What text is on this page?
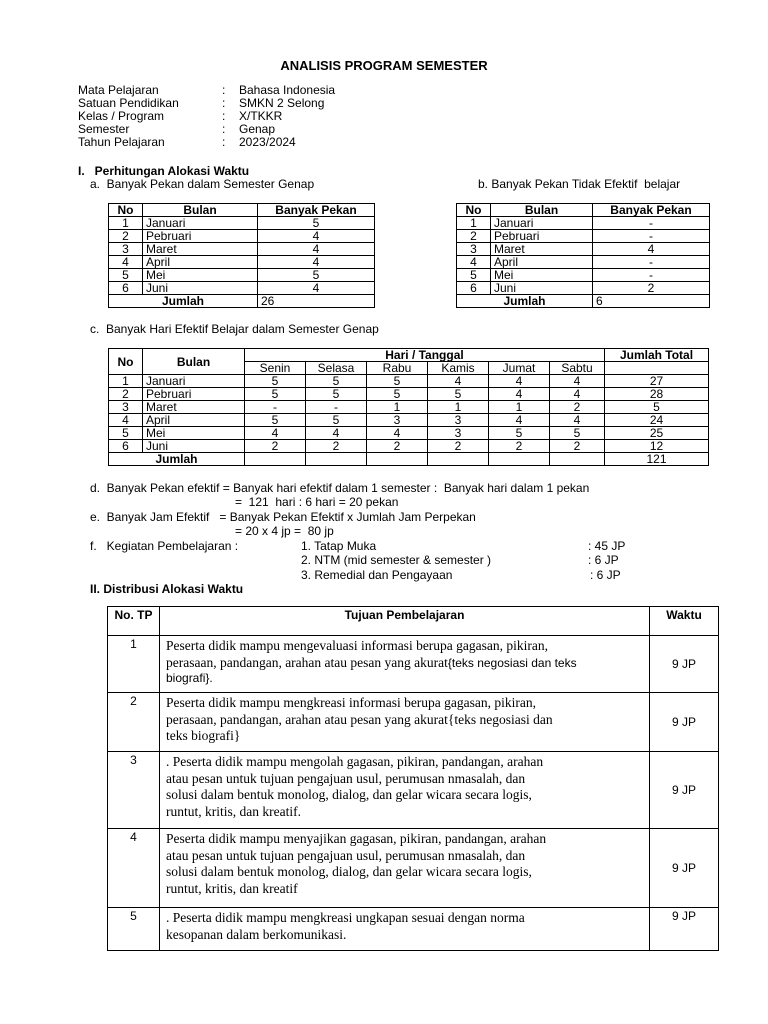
ANALISIS PROGRAM SEMESTER
Mata Pelajaran	:	Bahasa Indonesia
Satuan Pendidikan	:	SMKN 2 Selong
Kelas / Program	:	X/TKKR
Semester	:	Genap
Tahun Pelajaran	:	2023/2024
I.   Perhitungan Alokasi Waktu
a.  Banyak Pekan dalam Semester Genap	b. Banyak Pekan Tidak Efektif  belajar
No	Bulan	Banyak Pekan
1	Januari	5
2	Pebruari	4
3	Maret	4
4	April	4
5	Mei	5
6	Juni	4
Jumlah		26
No	Bulan	Banyak Pekan
1	Januari	-
2	Pebruari	-
3	Maret	4
4	April	-
5	Mei	-
6	Juni	2
Jumlah		6
c.  Banyak Hari Efektif Belajar dalam Semester Genap
No	Bulan	Hari / Tanggal						Jumlah Total
		Senin	Selasa	Rabu	Kamis	Jumat	Sabtu	
1	Januari	5	5	5	4	4	4	27
2	Pebruari	5	5	5	5	4	4	28
3	Maret	-	-	1	1	1	2	5
4	April	5	5	3	3	4	4	24
5	Mei	4	4	4	3	5	5	25
6	Juni	2	2	2	2	2	2	12
Jumlah								121
d.  Banyak Pekan efektif = Banyak hari efektif dalam 1 semester :  Banyak hari dalam 1 pekan
=  121  hari : 6 hari = 20 pekan
e.  Banyak Jam Efektif   = Banyak Pekan Efektif x Jumlah Jam Perpekan
= 20 x 4 jp =  80 jp
f.   Kegiatan Pembelajaran :	1. Tatap Muka	: 45 JP
2. NTM (mid semester & semester )	: 6 JP
3. Remedial dan Pengayaan	: 6 JP
II. Distribusi Alokasi Waktu
No. TP	Tujuan Pembelajaran	Waktu
1	Peserta didik mampu mengevaluasi informasi berupa gagasan, pikiran,
perasaan, pandangan, arahan atau pesan yang akurat{teks negosiasi dan teks
biografi}.	9 JP
2	Peserta didik mampu mengkreasi informasi berupa gagasan, pikiran,
perasaan, pandangan, arahan atau pesan yang akurat{teks negosiasi dan
teks biografi}	9 JP
3	. Peserta didik mampu mengolah gagasan, pikiran, pandangan, arahan
atau pesan untuk tujuan pengajuan usul, perumusan nmasalah, dan
solusi dalam bentuk monolog, dialog, dan gelar wicara secara logis,
runtut, kritis, dan kreatif.	9 JP
4	Peserta didik mampu menyajikan gagasan, pikiran, pandangan, arahan
atau pesan untuk tujuan pengajuan usul, perumusan nmasalah, dan
solusi dalam bentuk monolog, dialog, dan gelar wicara secara logis,
runtut, kritis, dan kreatif	9 JP
5	. Peserta didik mampu mengkreasi ungkapan sesuai dengan norma
kesopanan dalam berkomunikasi.	9 JP
